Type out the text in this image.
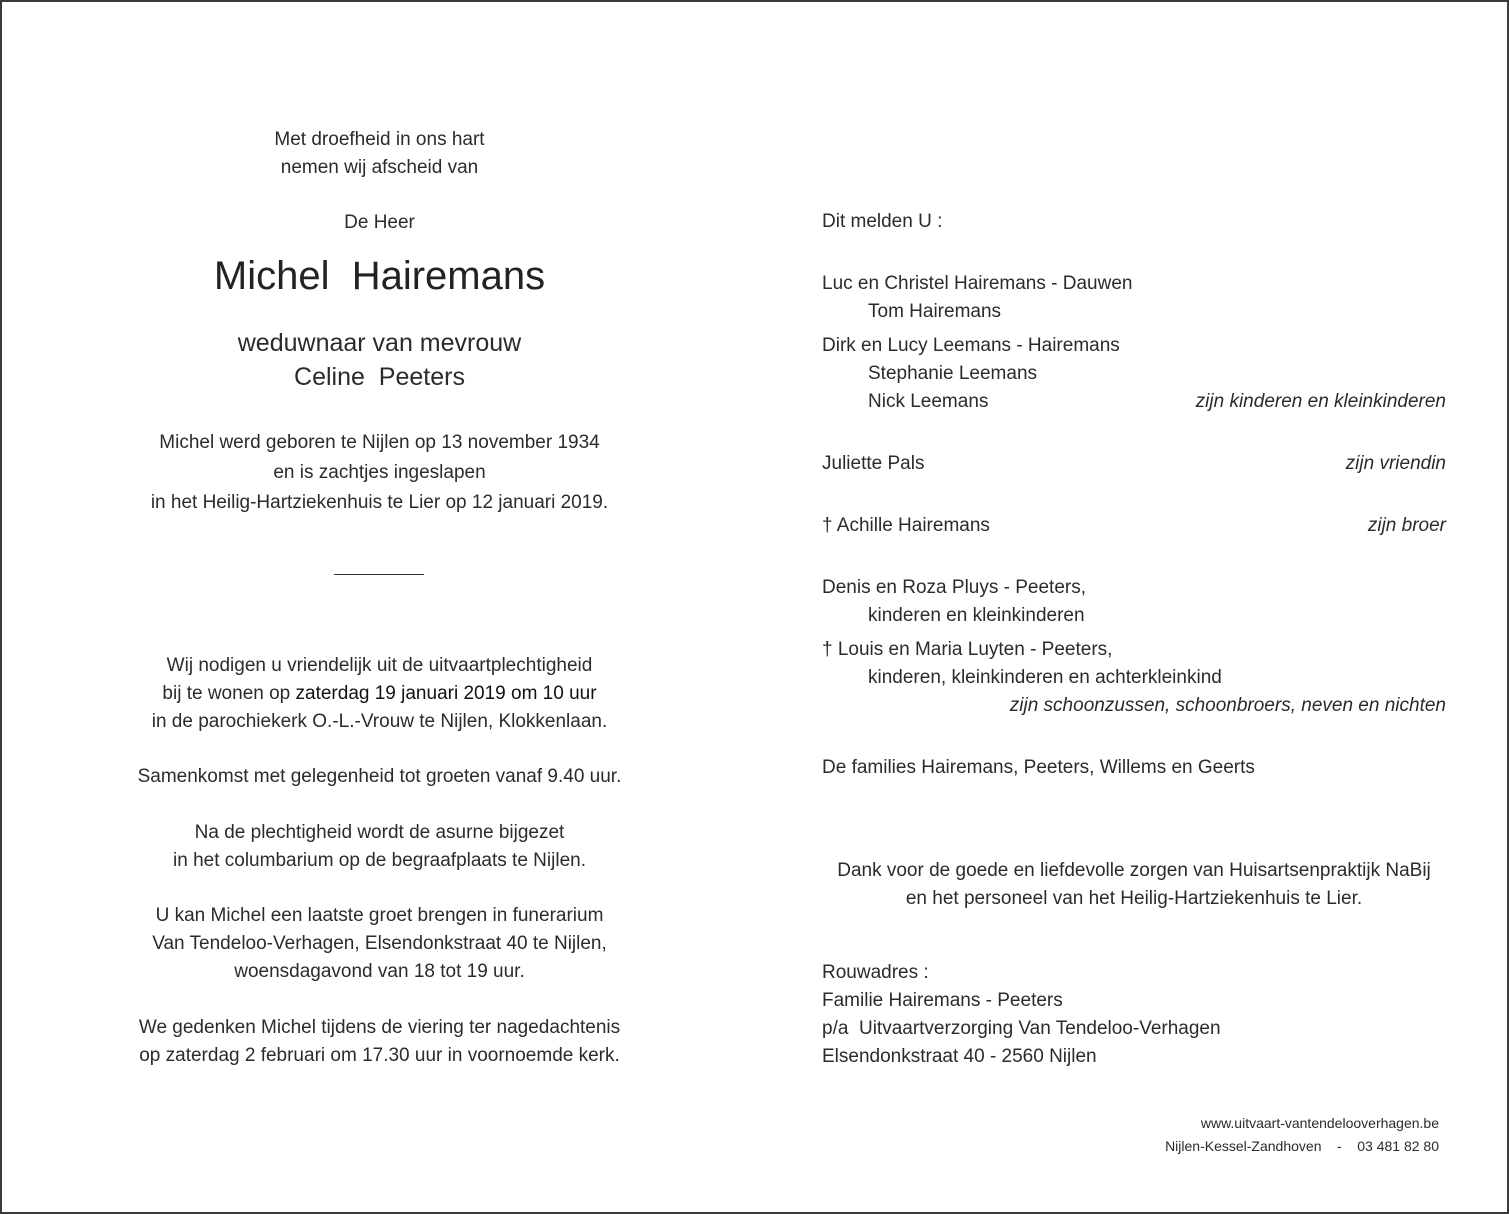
Met droefheid in ons hart
nemen wij afscheid van
De Heer
Michel  Hairemans
weduwnaar van mevrouw
Celine  Peeters
Michel werd geboren te Nijlen op 13 november 1934
en is zachtjes ingeslapen
in het Heilig-Hartziekenhuis te Lier op 12 januari 2019.
Wij nodigen u vriendelijk uit de uitvaartplechtigheid
bij te wonen op zaterdag 19 januari 2019 om 10 uur
in de parochiekerk O.-L.-Vrouw te Nijlen, Klokkenlaan.
Samenkomst met gelegenheid tot groeten vanaf 9.40 uur.
Na de plechtigheid wordt de asurne bijgezet
in het columbarium op de begraafplaats te Nijlen.
U kan Michel een laatste groet brengen in funerarium
Van Tendeloo-Verhagen, Elsendonkstraat 40 te Nijlen,
woensdagavond van 18 tot 19 uur.
We gedenken Michel tijdens de viering ter nagedachtenis
op zaterdag 2 februari om 17.30 uur in voornoemde kerk.
Dit melden U :
Luc en Christel Hairemans - Dauwen
Tom Hairemans
Dirk en Lucy Leemans - Hairemans
Stephanie Leemans
Nick Leemans	zijn kinderen en kleinkinderen
Juliette Pals	zijn vriendin
† Achille Hairemans	zijn broer
Denis en Roza Pluys - Peeters,
kinderen en kleinkinderen
† Louis en Maria Luyten - Peeters,
kinderen, kleinkinderen en achterkleinkind
zijn schoonzussen, schoonbroers, neven en nichten
De families Hairemans, Peeters, Willems en Geerts
Dank voor de goede en liefdevolle zorgen van Huisartsenpraktijk NaBij
en het personeel van het Heilig-Hartziekenhuis te Lier.
Rouwadres :
Familie Hairemans - Peeters
p/a  Uitvaartverzorging Van Tendeloo-Verhagen
Elsendonkstraat 40 - 2560 Nijlen
www.uitvaart-vantendelooverhagen.be
Nijlen-Kessel-Zandhoven    -    03 481 82 80
